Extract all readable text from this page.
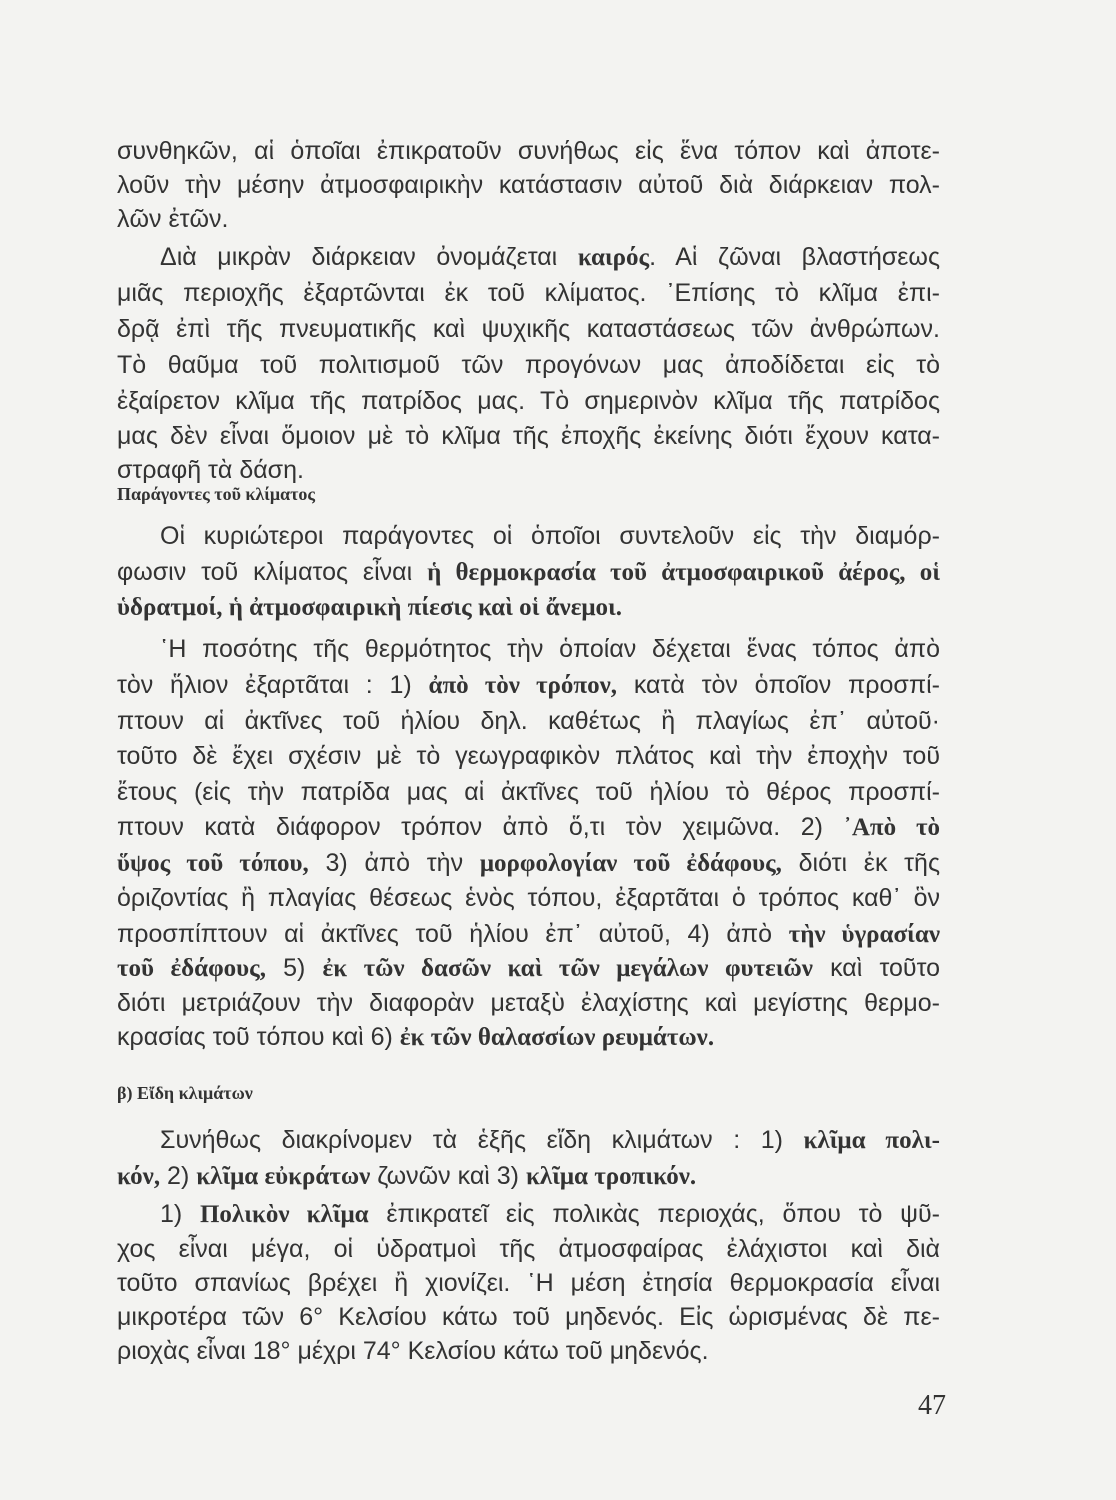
Παράγοντες τοῦ κλίματος
β) Εἴδη κλιμάτων
συνθηκῶν, αἱ ὁποῖαι ἐπικρατοῦν συνήθως εἰς ἕνα τόπον καὶ ἀποτε-
λοῦν τὴν μέσην ἀτμοσφαιρικὴν κατάστασιν αὐτοῦ διὰ διάρκειαν πολ-
λῶν ἐτῶν.
Διὰ μικρὰν διάρκειαν ὀνομάζεται καιρός. Αἱ ζῶναι βλαστήσεως
μιᾶς περιοχῆς ἐξαρτῶνται ἐκ τοῦ κλίματος. ᾿Επίσης τὸ κλῖμα ἐπι-
δρᾷ ἐπὶ τῆς πνευματικῆς καὶ ψυχικῆς καταστάσεως τῶν ἀνθρώπων.
Τὸ θαῦμα τοῦ πολιτισμοῦ τῶν προγόνων μας ἀποδίδεται εἰς τὸ
ἐξαίρετον κλῖμα τῆς πατρίδος μας. Τὸ σημερινὸν κλῖμα τῆς πατρίδος
μας δὲν εἶναι ὅμοιον μὲ τὸ κλῖμα τῆς ἐποχῆς ἐκείνης διότι ἔχουν κατα-
στραφῆ τὰ δάση.
Οἱ κυριώτεροι παράγοντες οἱ ὁποῖοι συντελοῦν εἰς τὴν διαμόρ-
φωσιν τοῦ κλίματος εἶναι ἡ θερμοκρασία τοῦ ἀτμοσφαιρικοῦ ἀέρος, οἱ
ὑδρατμοί, ἡ ἀτμοσφαιρικὴ πίεσις καὶ οἱ ἄνεμοι.
῾Η ποσότης τῆς θερμότητος τὴν ὁποίαν δέχεται ἕνας τόπος ἀπὸ
τὸν ἥλιον ἐξαρτᾶται : 1) ἀπὸ τὸν τρόπον, κατὰ τὸν ὁποῖον προσπί-
πτουν αἱ ἀκτῖνες τοῦ ἡλίου δηλ. καθέτως ἢ πλαγίως ἐπ᾿ αὐτοῦ·
τοῦτο δὲ ἔχει σχέσιν μὲ τὸ γεωγραφικὸν πλάτος καὶ τὴν ἐποχὴν τοῦ
ἔτους (εἰς τὴν πατρίδα μας αἱ ἀκτῖνες τοῦ ἡλίου τὸ θέρος προσπί-
πτουν κατὰ διάφορον τρόπον ἀπὸ ὅ,τι τὸν χειμῶνα. 2) ᾿Απὸ τὸ
ὕψος τοῦ τόπου, 3) ἀπὸ τὴν μορφολογίαν τοῦ ἐδάφους, διότι ἐκ τῆς
ὁριζοντίας ἢ πλαγίας θέσεως ἑνὸς τόπου, ἐξαρτᾶται ὁ τρόπος καθ᾿ ὃν
προσπίπτουν αἱ ἀκτῖνες τοῦ ἡλίου ἐπ᾿ αὐτοῦ, 4) ἀπὸ τὴν ὑγρασίαν
τοῦ ἐδάφους, 5) ἐκ τῶν δασῶν καὶ τῶν μεγάλων φυτειῶν καὶ τοῦτο
διότι μετριάζουν τὴν διαφορὰν μεταξὺ ἐλαχίστης καὶ μεγίστης θερμο-
κρασίας τοῦ τόπου καὶ 6) ἐκ τῶν θαλασσίων ρευμάτων.
Συνήθως διακρίνομεν τὰ ἑξῆς εἴδη κλιμάτων : 1) κλῖμα πολι-
κόν, 2) κλῖμα εὐκράτων ζωνῶν καὶ 3) κλῖμα τροπικόν.
1) Πολικὸν κλῖμα ἐπικρατεῖ εἰς πολικὰς περιοχάς, ὅπου τὸ ψῦ-
χος εἶναι μέγα, οἱ ὑδρατμοὶ τῆς ἀτμοσφαίρας ἐλάχιστοι καὶ διὰ
τοῦτο σπανίως βρέχει ἢ χιονίζει. ῾Η μέση ἐτησία θερμοκρασία εἶναι
μικροτέρα τῶν 6° Κελσίου κάτω τοῦ μηδενός. Εἰς ὡρισμένας δὲ πε-
ριοχὰς εἶναι 18° μέχρι 74° Κελσίου κάτω τοῦ μηδενός.
47
